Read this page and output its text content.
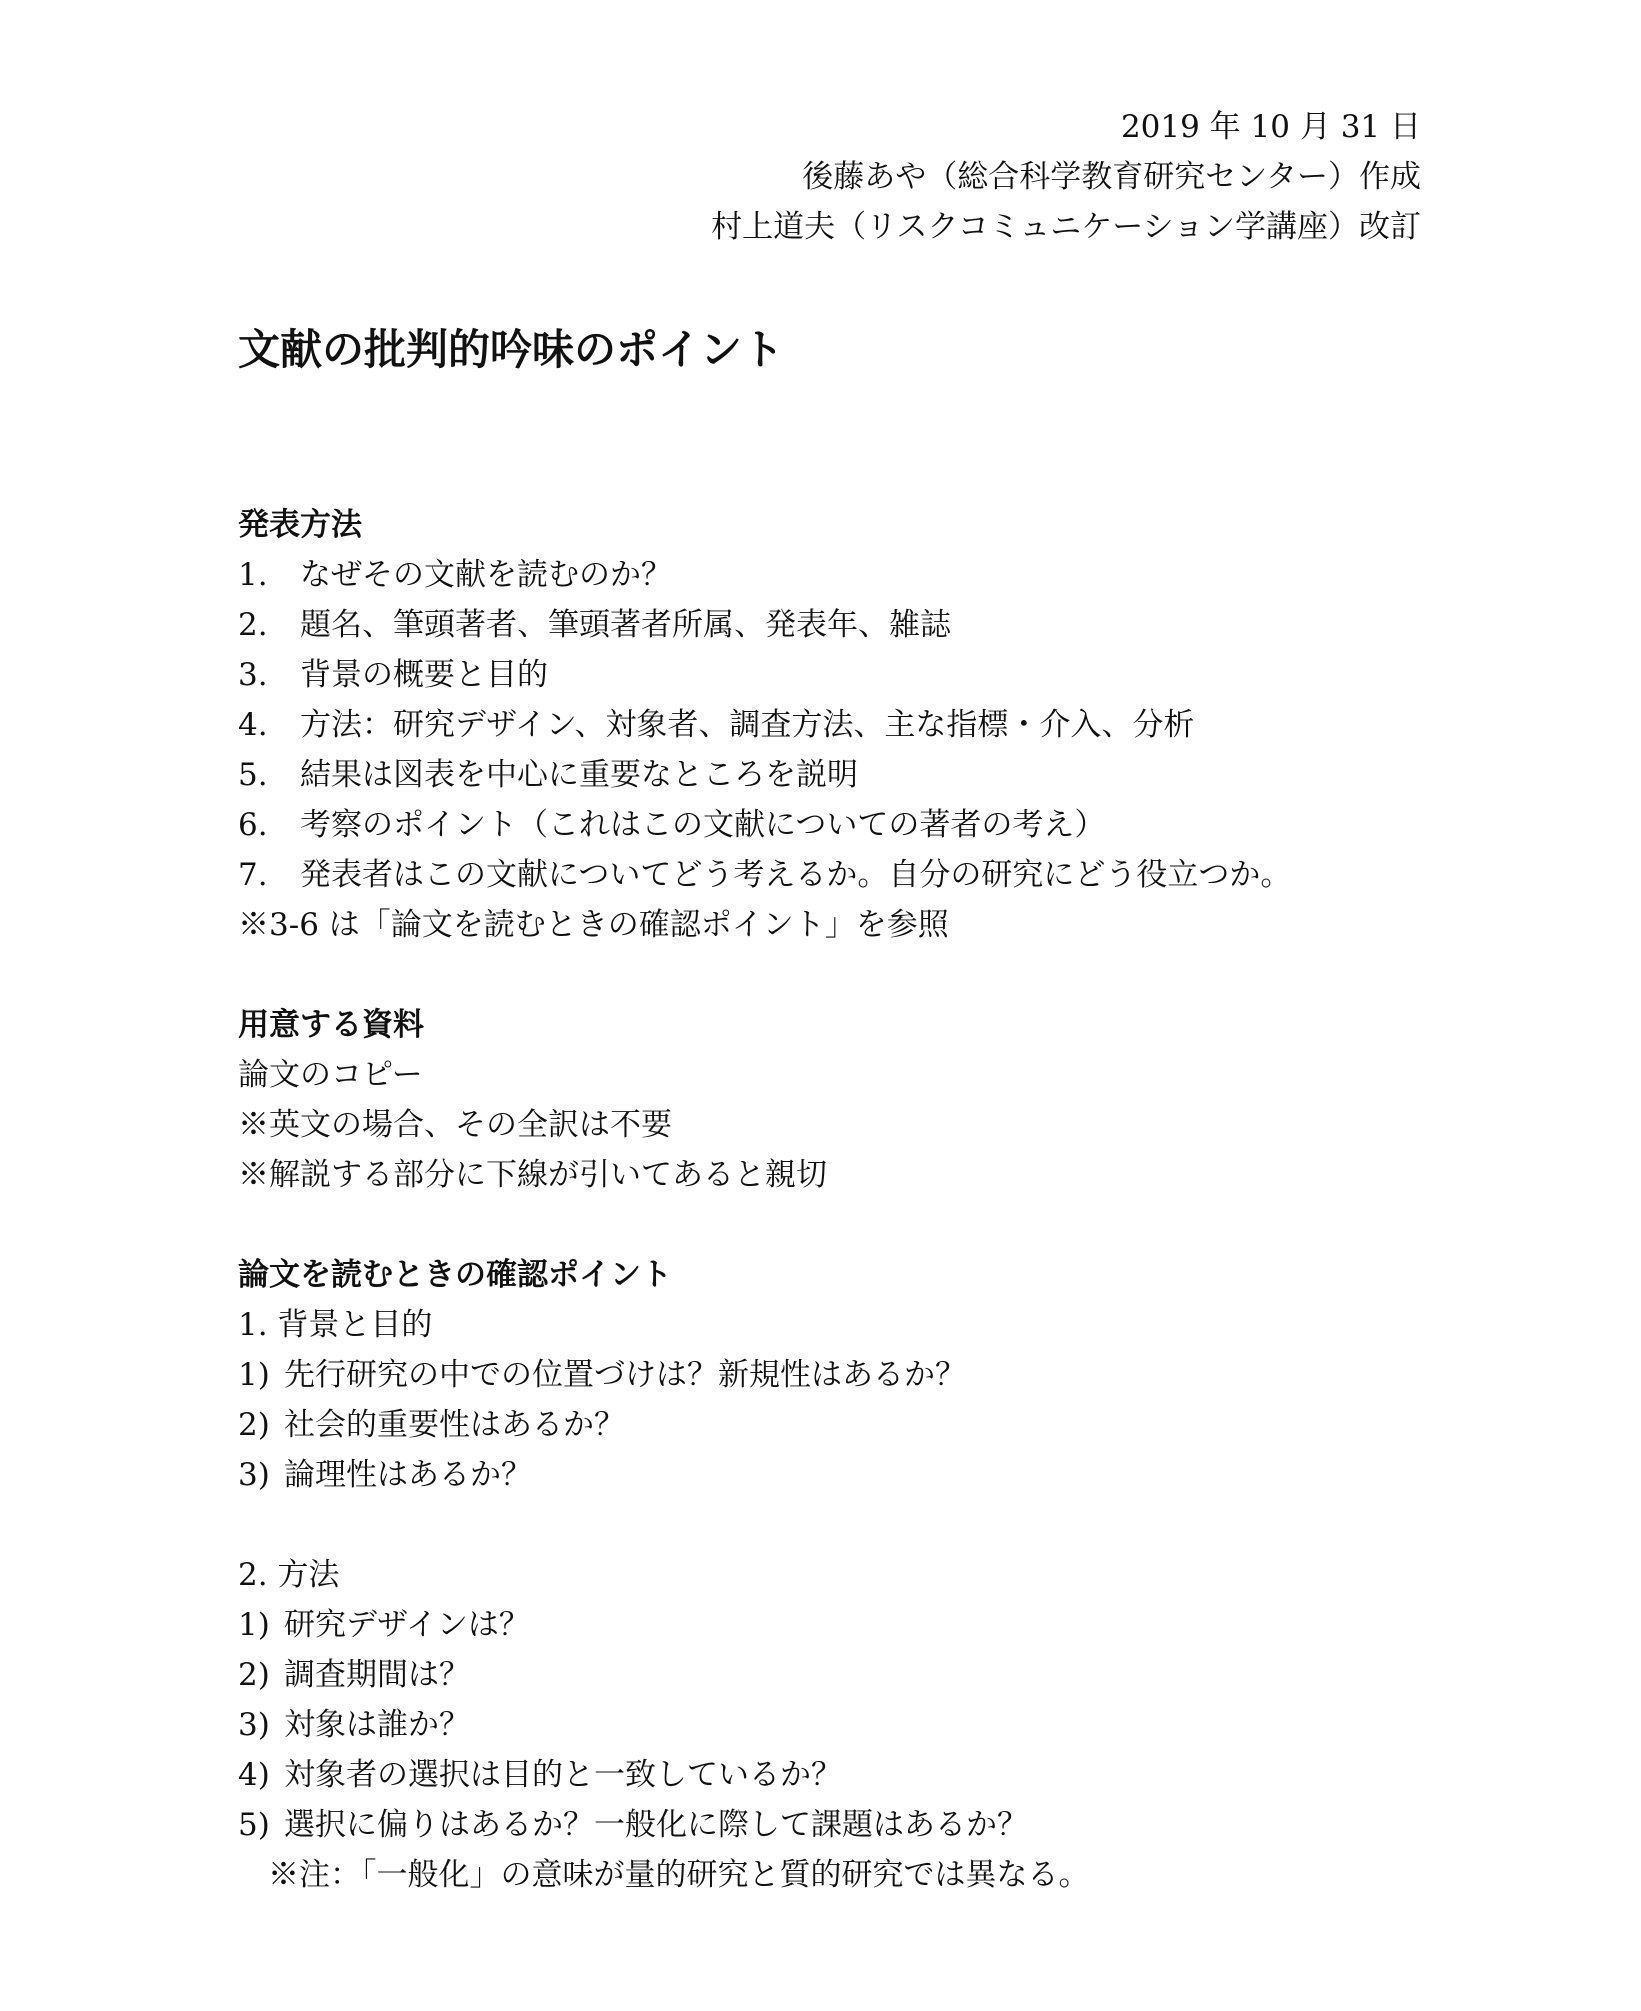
2019 年 10 月 31 日
後藤あや（総合科学教育研究センター）作成
村上道夫（リスクコミュニケーション学講座）改訂
文献の批判的吟味のポイント
発表方法
1. なぜその文献を読むのか？
2. 題名、筆頭著者、筆頭著者所属、発表年、雑誌
3. 背景の概要と目的
4. 方法：研究デザイン、対象者、調査方法、主な指標・介入、分析
5. 結果は図表を中心に重要なところを説明
6. 考察のポイント（これはこの文献についての著者の考え）
7. 発表者はこの文献についてどう考えるか。自分の研究にどう役立つか。
※3-6 は「論文を読むときの確認ポイント」を参照
用意する資料
論文のコピー
※英文の場合、その全訳は不要
※解説する部分に下線が引いてあると親切
論文を読むときの確認ポイント
1. 背景と目的
1) 先行研究の中での位置づけは？新規性はあるか？
2) 社会的重要性はあるか？
3) 論理性はあるか？
2. 方法
1) 研究デザインは？
2) 調査期間は？
3) 対象は誰か？
4) 対象者の選択は目的と一致しているか？
5) 選択に偏りはあるか？一般化に際して課題はあるか？
※注：「一般化」の意味が量的研究と質的研究では異なる。
